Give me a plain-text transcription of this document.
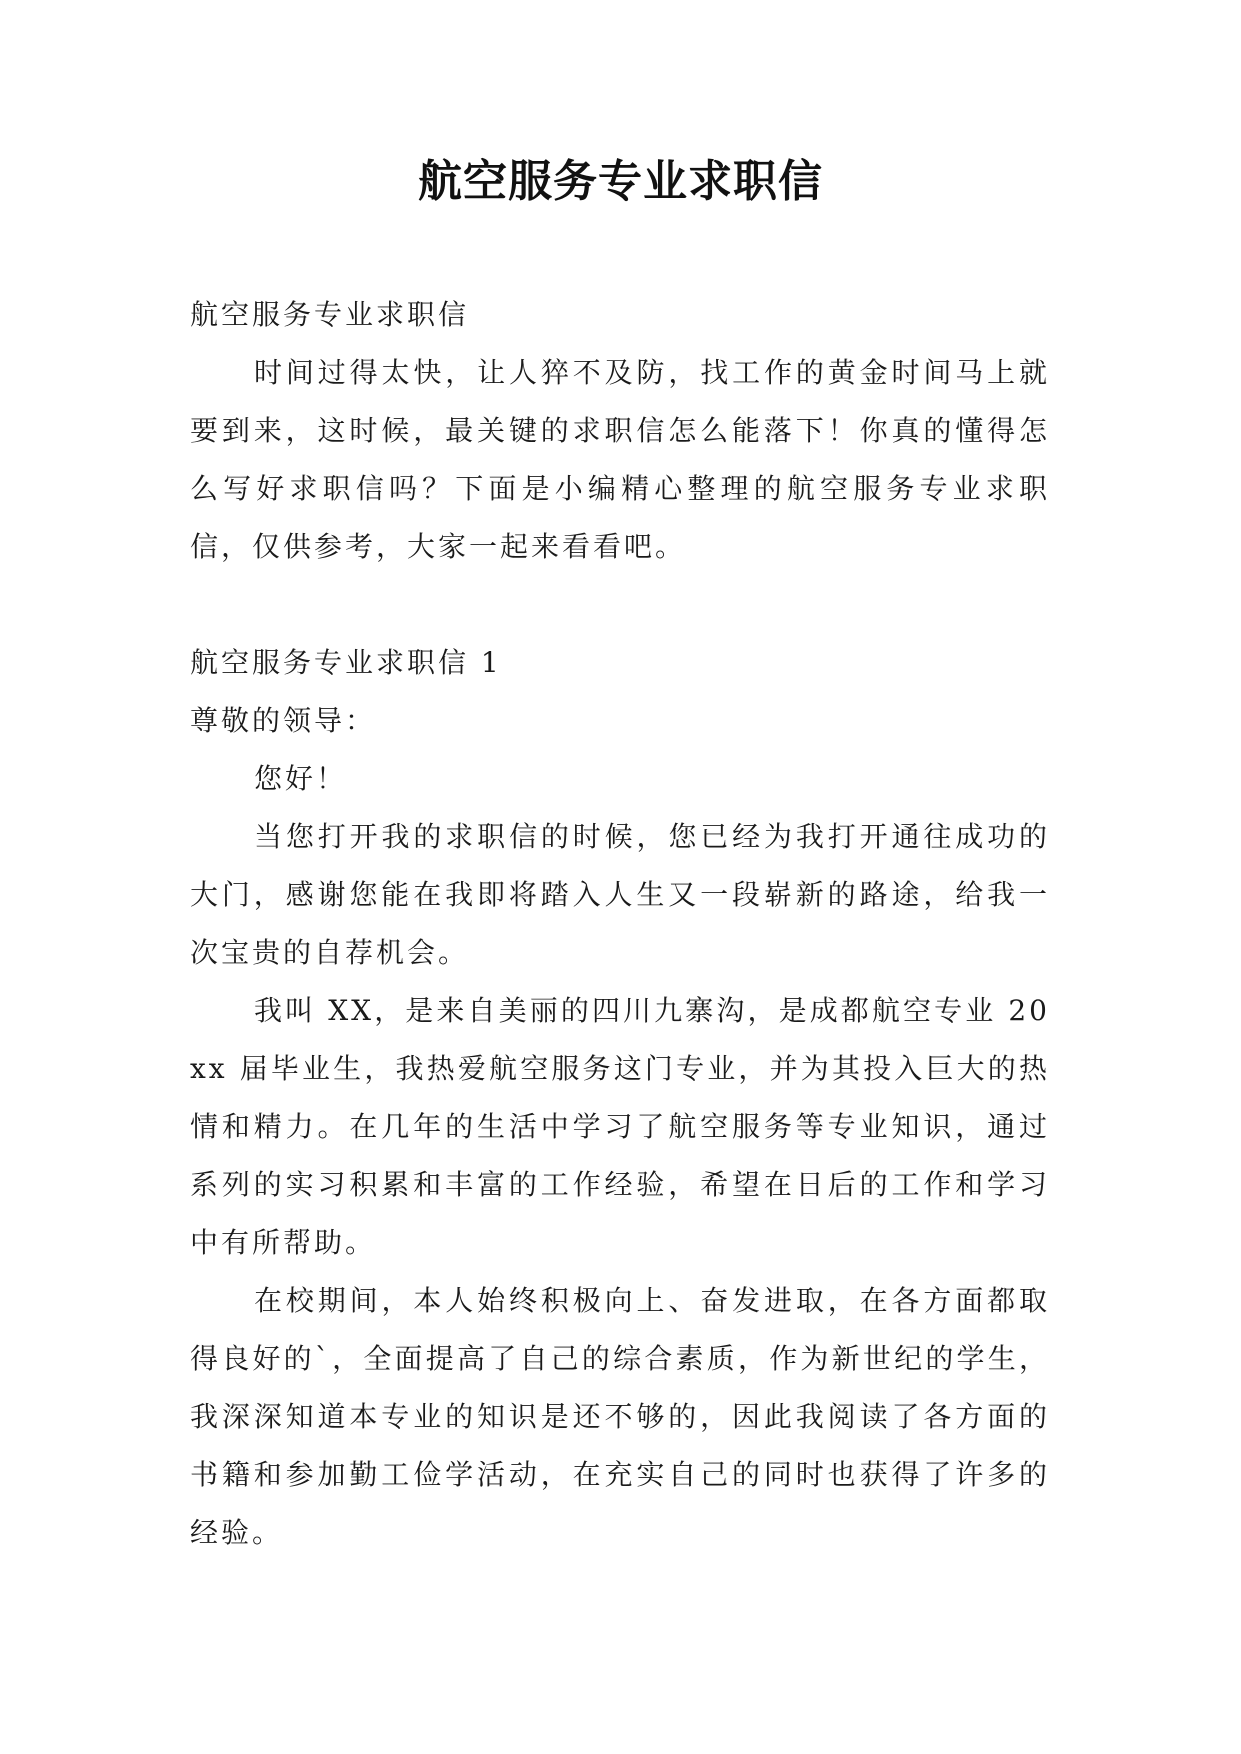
航空服务专业求职信

航空服务专业求职信

时间过得太快，让人猝不及防，找工作的黄金时间马上就要到来，这时候，最关键的求职信怎么能落下！你真的懂得怎么写好求职信吗？下面是小编精心整理的航空服务专业求职信，仅供参考，大家一起来看看吧。

航空服务专业求职信 1

尊敬的领导：

您好！

当您打开我的求职信的时候，您已经为我打开通往成功的大门，感谢您能在我即将踏入人生又一段崭新的路途，给我一次宝贵的自荐机会。

我叫 XX，是来自美丽的四川九寨沟，是成都航空专业 20xx 届毕业生，我热爱航空服务这门专业，并为其投入巨大的热情和精力。在几年的生活中学习了航空服务等专业知识，通过系列的实习积累和丰富的工作经验，希望在日后的工作和学习中有所帮助。

在校期间，本人始终积极向上、奋发进取，在各方面都取得良好的`，全面提高了自己的综合素质，作为新世纪的学生，我深深知道本专业的知识是还不够的，因此我阅读了各方面的书籍和参加勤工俭学活动，在充实自己的同时也获得了许多的经验。
